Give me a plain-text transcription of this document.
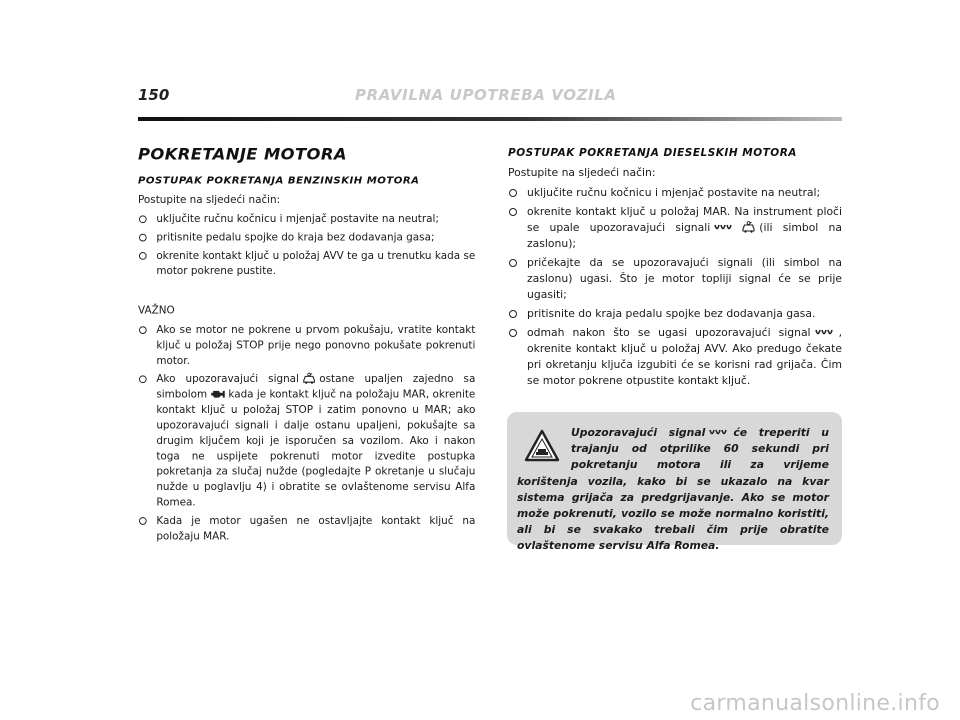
150	PRAVILNA UPOTREBA VOZILA
POKRETANJE MOTORA
POSTUPAK POKRETANJA BENZINSKIH MOTORA
Postupite na sljedeći način:
uključite ručnu kočnicu i mjenjač postavite na neutral;
pritisnite pedalu spojke do kraja bez dodavanja gasa;
okrenite kontakt ključ u položaj AVV te ga u trenutku kada se motor pokrene pustite.
VAŽNO
Ako se motor ne pokrene u prvom pokušaju, vratite kontakt ključ u položaj STOP prije nego ponovno pokušate pokrenuti motor.
Ako upozoravajući signal ostane upaljen zajedno sa simbolom kada je kontakt ključ na položaju MAR, okrenite kontakt ključ u položaj STOP i zatim ponovno u MAR; ako upozoravajući signali i dalje ostanu upaljeni, pokušajte sa drugim ključem koji je isporučen sa vozilom. Ako i nakon toga ne uspijete pokrenuti motor izvedite postupka pokretanja za slučaj nužde (pogledajte P okretanje u slučaju nužde u poglavlju 4) i obratite se ovlaštenome servisu Alfa Romea.
Kada je motor ugašen ne ostavljajte kontakt ključ na položaju MAR.
POSTUPAK POKRETANJA DIESELSKIH MOTORA
Postupite na sljedeći način:
uključite ručnu kočnicu i mjenjač postavite na neutral;
okrenite kontakt ključ u položaj MAR. Na instrument ploči se upale upozoravajući signali	(ili simbol na zaslonu);
pričekajte da se upozoravajući signali (ili simbol na zaslonu) ugasi. Što je motor topliji signal će se prije ugasiti;
pritisnite do kraja pedalu spojke bez dodavanja gasa.
odmah nakon što se ugasi upozoravajući signal	, okrenite kontakt ključ u položaj AVV. Ako predugo čekate pri okretanju ključa izgubiti će se korisni rad grijača. Čim se motor pokrene otpustite kontakt ključ.

Upozoravajući signal	će treperiti u trajanju od otprilike 60 sekundi pri pokretanju motora ili za vrijeme korištenja vozila, kako bi se ukazalo na kvar sistema grijača za predgrijavanje. Ako se motor može pokrenuti, vozilo se može normalno koristiti, ali bi se svakako trebali čim prije obratite ovlaštenome servisu Alfa Romea.

carmanualsonline.info
